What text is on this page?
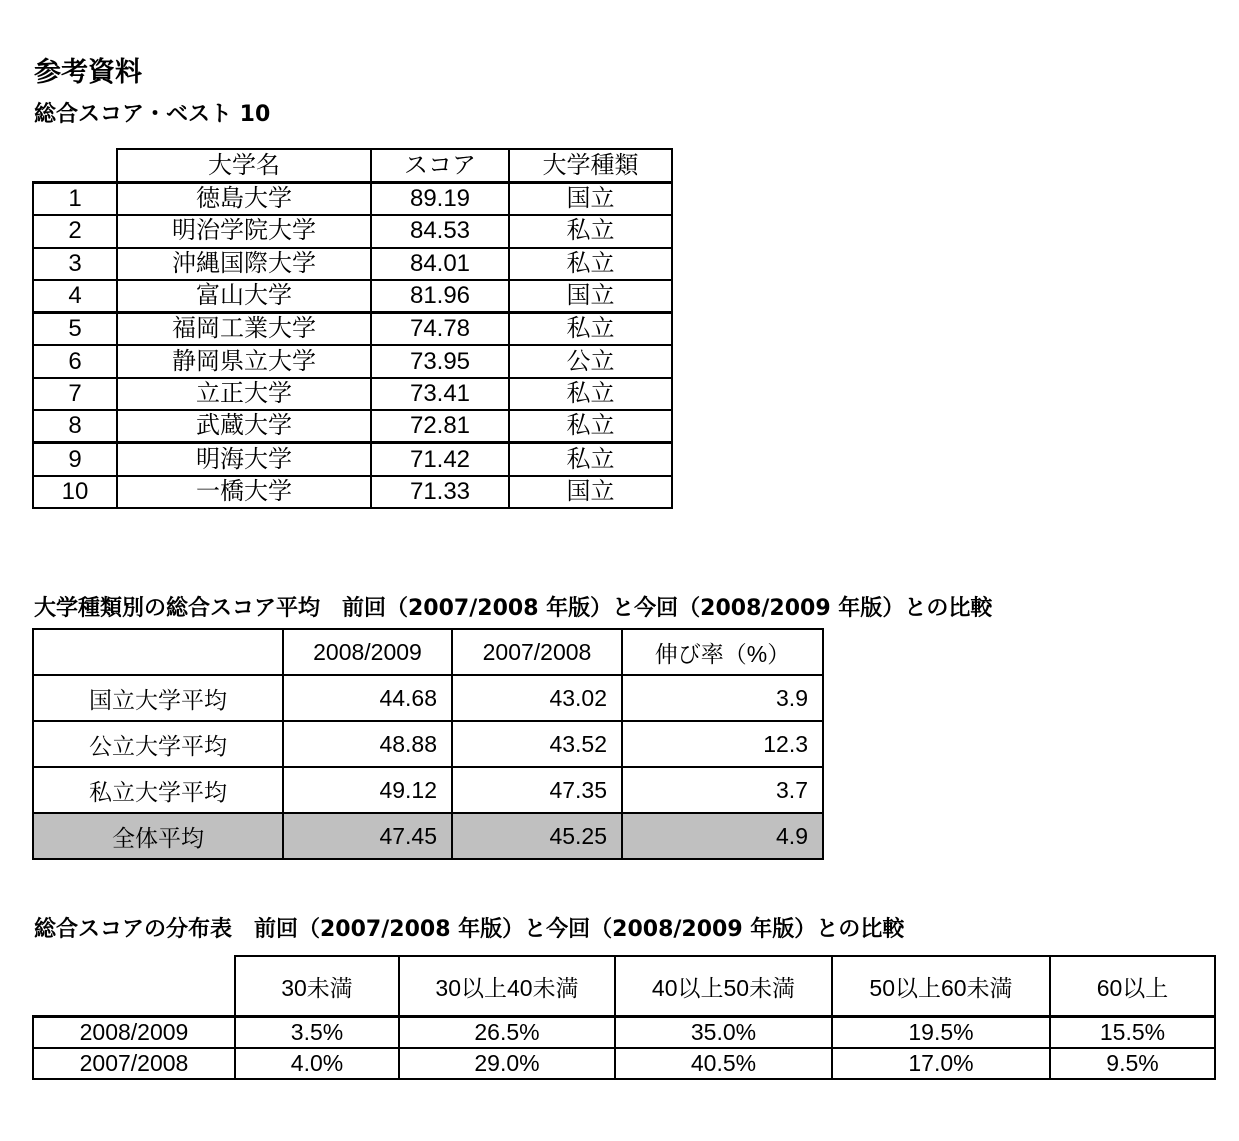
参考資料
総合スコア・ベスト 10
	大学名	スコア	大学種類
1	徳島大学	89.19	国立
2	明治学院大学	84.53	私立
3	沖縄国際大学	84.01	私立
4	富山大学	81.96	国立
5	福岡工業大学	74.78	私立
6	静岡県立大学	73.95	公立
7	立正大学	73.41	私立
8	武蔵大学	72.81	私立
9	明海大学	71.42	私立
10	一橋大学	71.33	国立
大学種類別の総合スコア平均　前回（2007/2008 年版）と今回（2008/2009 年版）との比較
	2008/2009	2007/2008	伸び率（%）
国立大学平均	44.68	43.02	3.9
公立大学平均	48.88	43.52	12.3
私立大学平均	49.12	47.35	3.7
全体平均	47.45	45.25	4.9
総合スコアの分布表　前回（2007/2008 年版）と今回（2008/2009 年版）との比較
	30未満	30以上40未満	40以上50未満	50以上60未満	60以上
2008/2009	3.5%	26.5%	35.0%	19.5%	15.5%
2007/2008	4.0%	29.0%	40.5%	17.0%	9.5%
